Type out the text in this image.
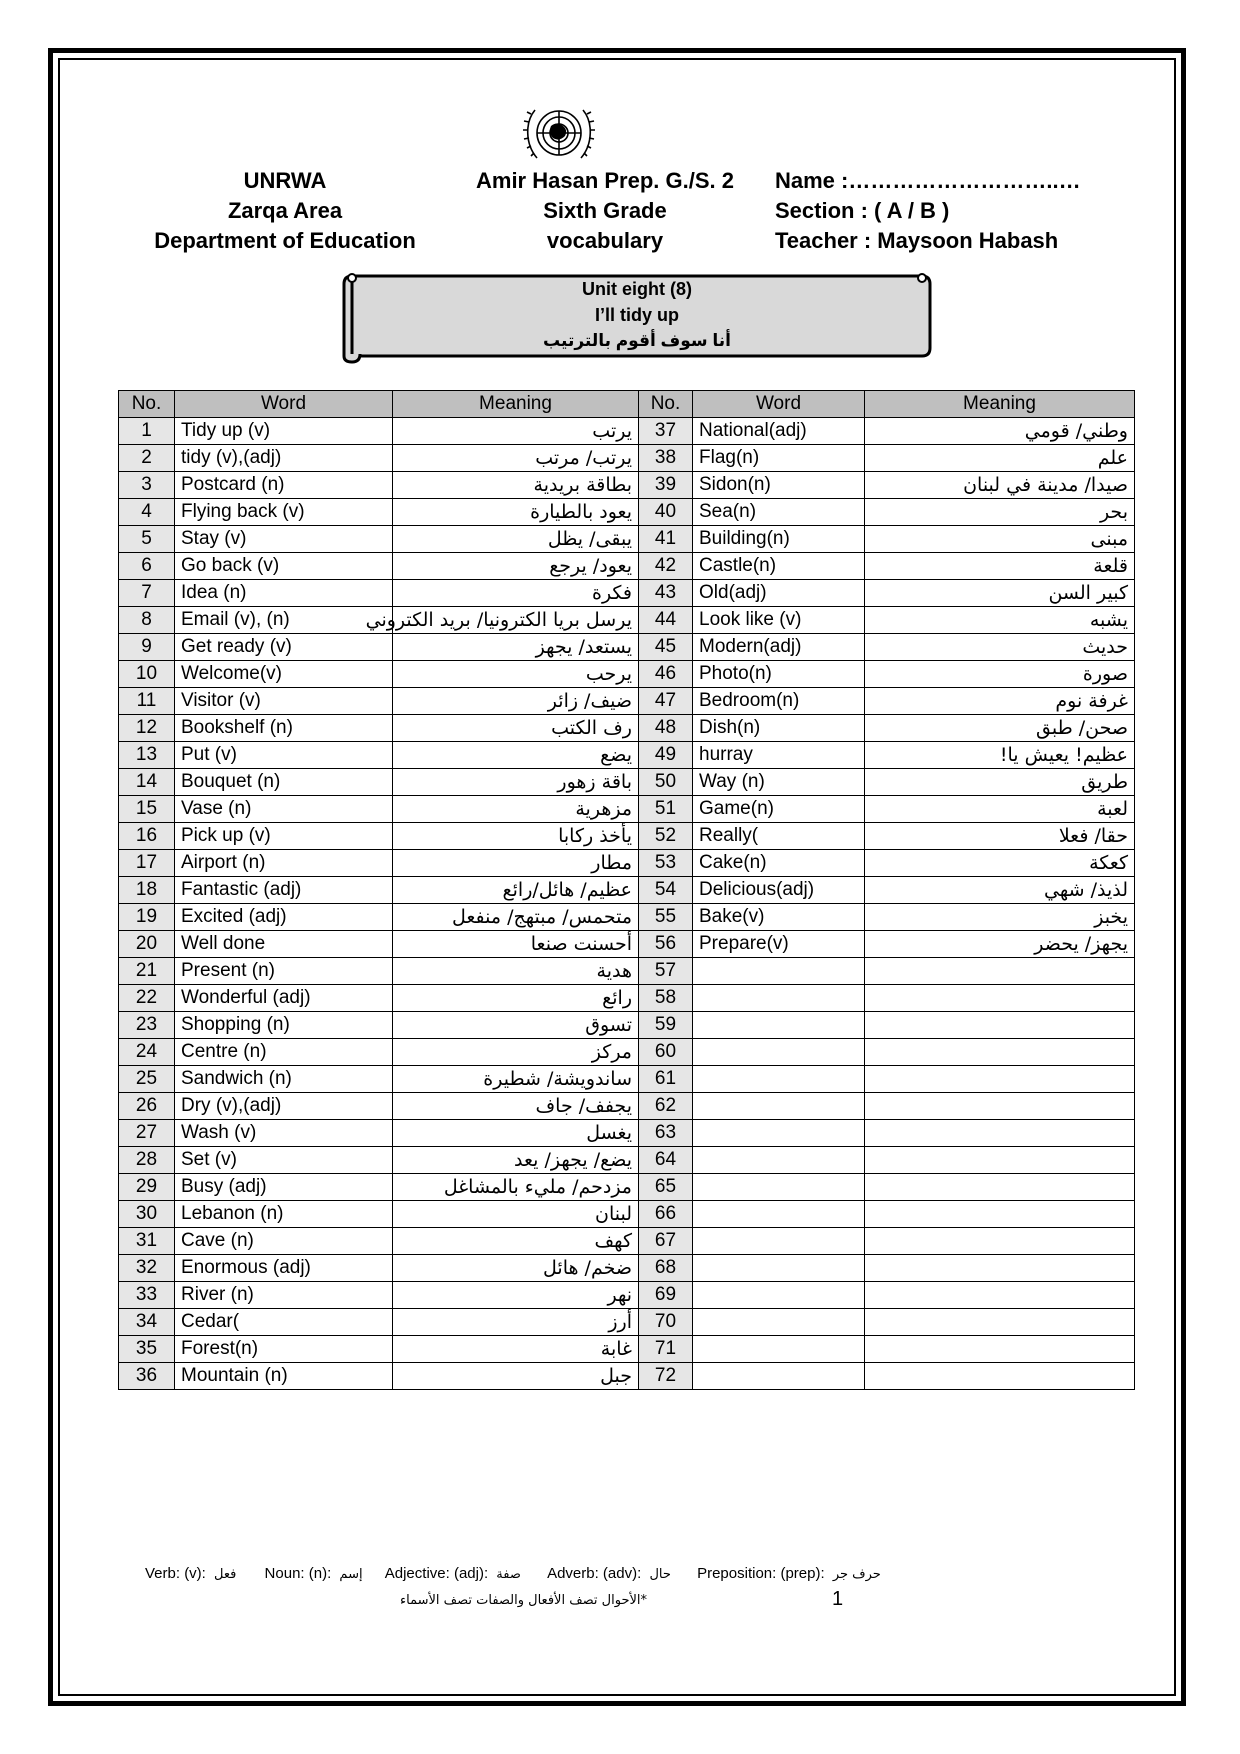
UNRWA
Zarqa Area
Department of Education
Amir Hasan Prep. G./S. 2
Sixth Grade
vocabulary
Name :………………………..…
Section : ( A / B )
Teacher : Maysoon Habash
Unit eight (8)
I’ll tidy up
أنا سوف أقوم بالترتيب
No.	Word	Meaning	No.	Word	Meaning
1	Tidy up (v)	يرتب	37	National(adj)	وطني/ قومي
2	tidy (v),(adj)	يرتب/ مرتب	38	Flag(n)	علم
3	Postcard (n)	بطاقة بريدية	39	Sidon(n)	صيدا/ مدينة في لبنان
4	Flying back (v)	يعود بالطيارة	40	Sea(n)	بحر
5	Stay (v)	يبقى/ يظل	41	Building(n)	مبنى
6	Go back (v)	يعود/ يرجع	42	Castle(n)	قلعة
7	Idea (n)	فكرة	43	Old(adj)	كبير السن
8	Email (v), (n)	يرسل بريا الكترونيا/ بريد الكتروني	44	Look like (v)	يشبه
9	Get ready (v)	يستعد/ يجهز	45	Modern(adj)	حديث
10	Welcome(v)	يرحب	46	Photo(n)	صورة
11	Visitor (v)	ضيف/ زائر	47	Bedroom(n)	غرفة نوم
12	Bookshelf (n)	رف الكتب	48	Dish(n)	صحن/ طبق
13	Put (v)	يضع	49	hurray	عظيم! يعيش يا!
14	Bouquet (n)	باقة زهور	50	Way (n)	طريق
15	Vase (n)	مزهرية	51	Game(n)	لعبة
16	Pick up (v)	يأخذ ركابا	52	Really(	حقا/ فعلا
17	Airport (n)	مطار	53	Cake(n)	كعكة
18	Fantastic (adj)	عظيم/ هائل/رائع	54	Delicious(adj)	لذيذ/ شهي
19	Excited (adj)	متحمس/ مبتهج/ منفعل	55	Bake(v)	يخبز
20	Well done	أحسنت صنعا	56	Prepare(v)	يجهز/ يحضر
21	Present (n)	هدية	57		
22	Wonderful (adj)	رائع	58		
23	Shopping (n)	تسوق	59		
24	Centre (n)	مركز	60		
25	Sandwich (n)	ساندويشة/ شطيرة	61		
26	Dry (v),(adj)	يجفف/ جاف	62		
27	Wash (v)	يغسل	63		
28	Set (v)	يضع/ يجهز/ يعد	64		
29	Busy (adj)	مزدحم/ مليء بالمشاغل	65		
30	Lebanon (n)	لبنان	66		
31	Cave (n)	كهف	67		
32	Enormous (adj)	ضخم/ هائل	68		
33	River (n)	نهر	69		
34	Cedar(	أرز	70		
35	Forest(n)	غابة	71		
36	Mountain (n)	جبل	72		
Verb: (v): فعل Noun: (n): إسم Adjective: (adj): صفة Adverb: (adv): حال Preposition: (prep): حرف جر
*الأحوال تصف الأفعال والصفات تصف الأسماء	1
